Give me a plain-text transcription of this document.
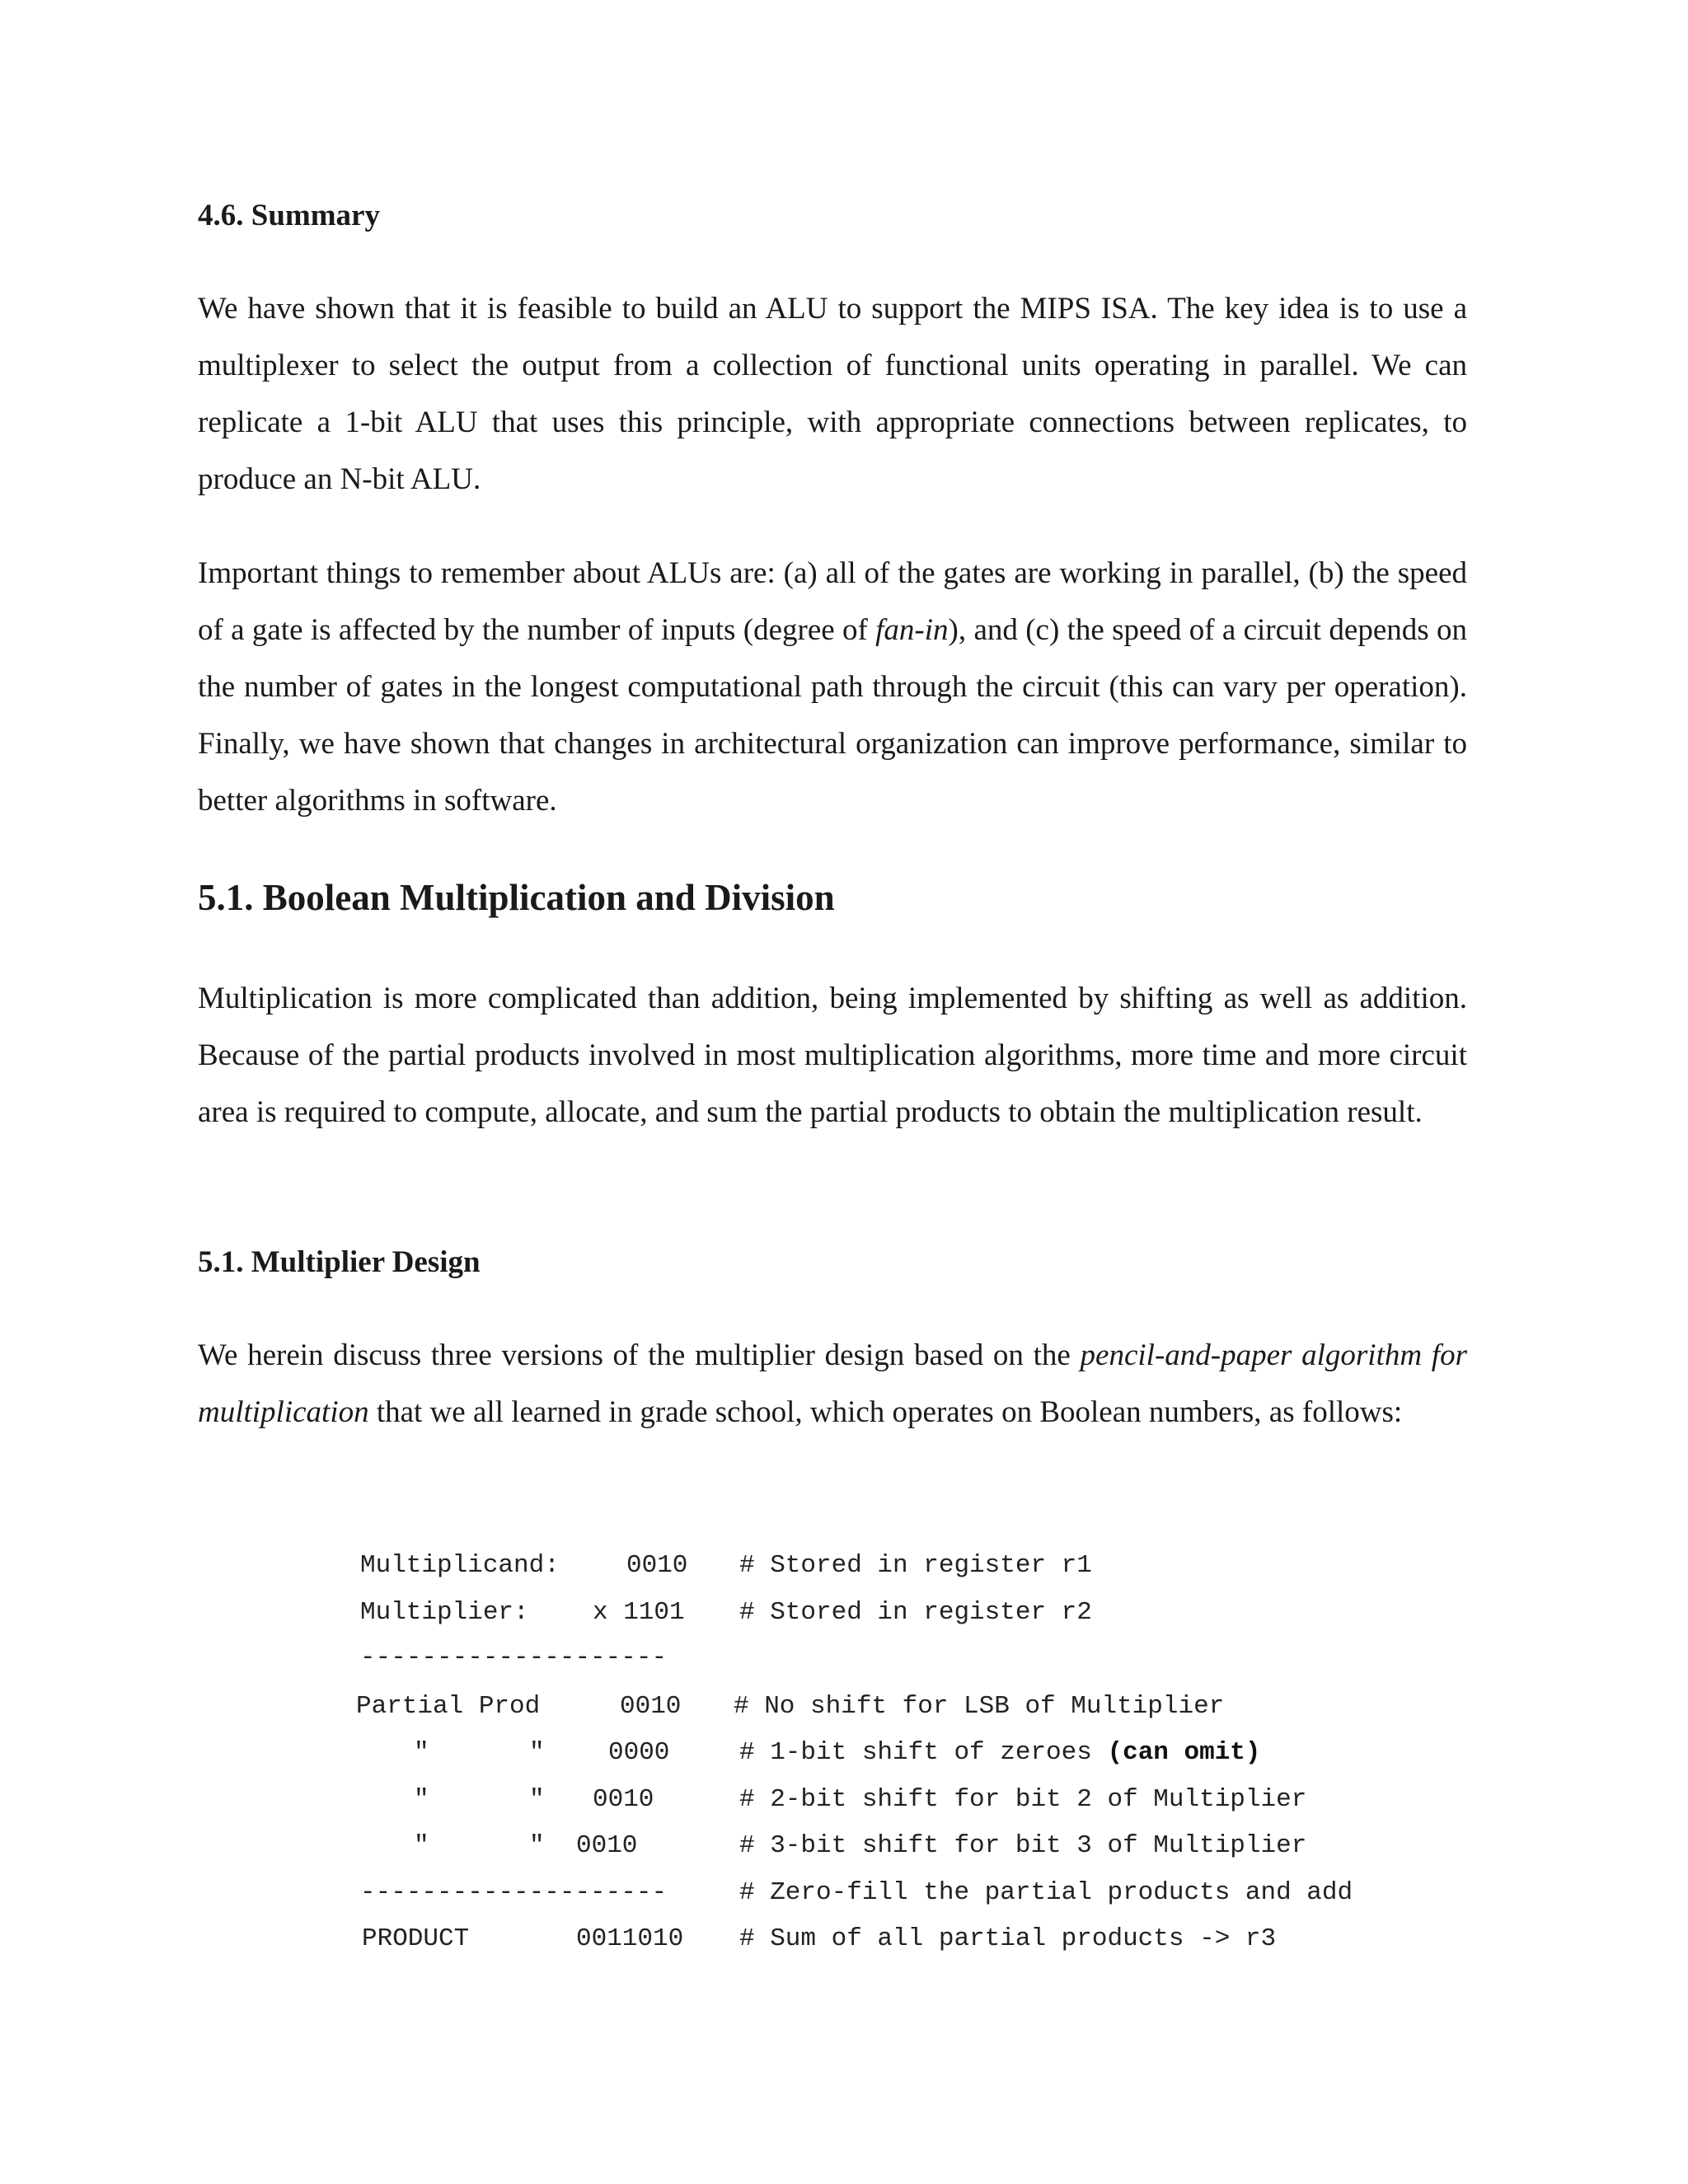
4.6. Summary

We have shown that it is feasible to build an ALU to support the MIPS ISA. The key idea is to use a multiplexer to select the output from a collection of functional units operating in parallel. We can replicate a 1-bit ALU that uses this principle, with appropriate connections between replicates, to produce an N-bit ALU.

Important things to remember about ALUs are: (a) all of the gates are working in parallel, (b) the speed of a gate is affected by the number of inputs (degree of fan-in), and (c) the speed of a circuit depends on the number of gates in the longest computational path through the circuit (this can vary per operation). Finally, we have shown that changes in architectural organization can improve performance, similar to better algorithms in software.

5.1. Boolean Multiplication and Division

Multiplication is more complicated than addition, being implemented by shifting as well as addition. Because of the partial products involved in most multiplication algorithms, more time and more circuit area is required to compute, allocate, and sum the partial products to obtain the multiplication result.

5.1. Multiplier Design

We herein discuss three versions of the multiplier design based on the pencil-and-paper algorithm for multiplication that we all learned in grade school, which operates on Boolean numbers, as follows:

Multiplicand:	0010 # Stored in register r1
Multiplier: x 1101 # Stored in register r2
--------------------
Partial Prod	0010 # No shift for LSB of Multiplier
"	" 0000	# 1-bit shift of zeroes (can omit)
"	" 0010	# 2-bit shift for bit 2 of Multiplier
"	" 0010	# 3-bit shift for bit 3 of Multiplier
--------------------	# Zero-fill the partial products and add
PRODUCT	0011010 # Sum of all partial products -> r3
